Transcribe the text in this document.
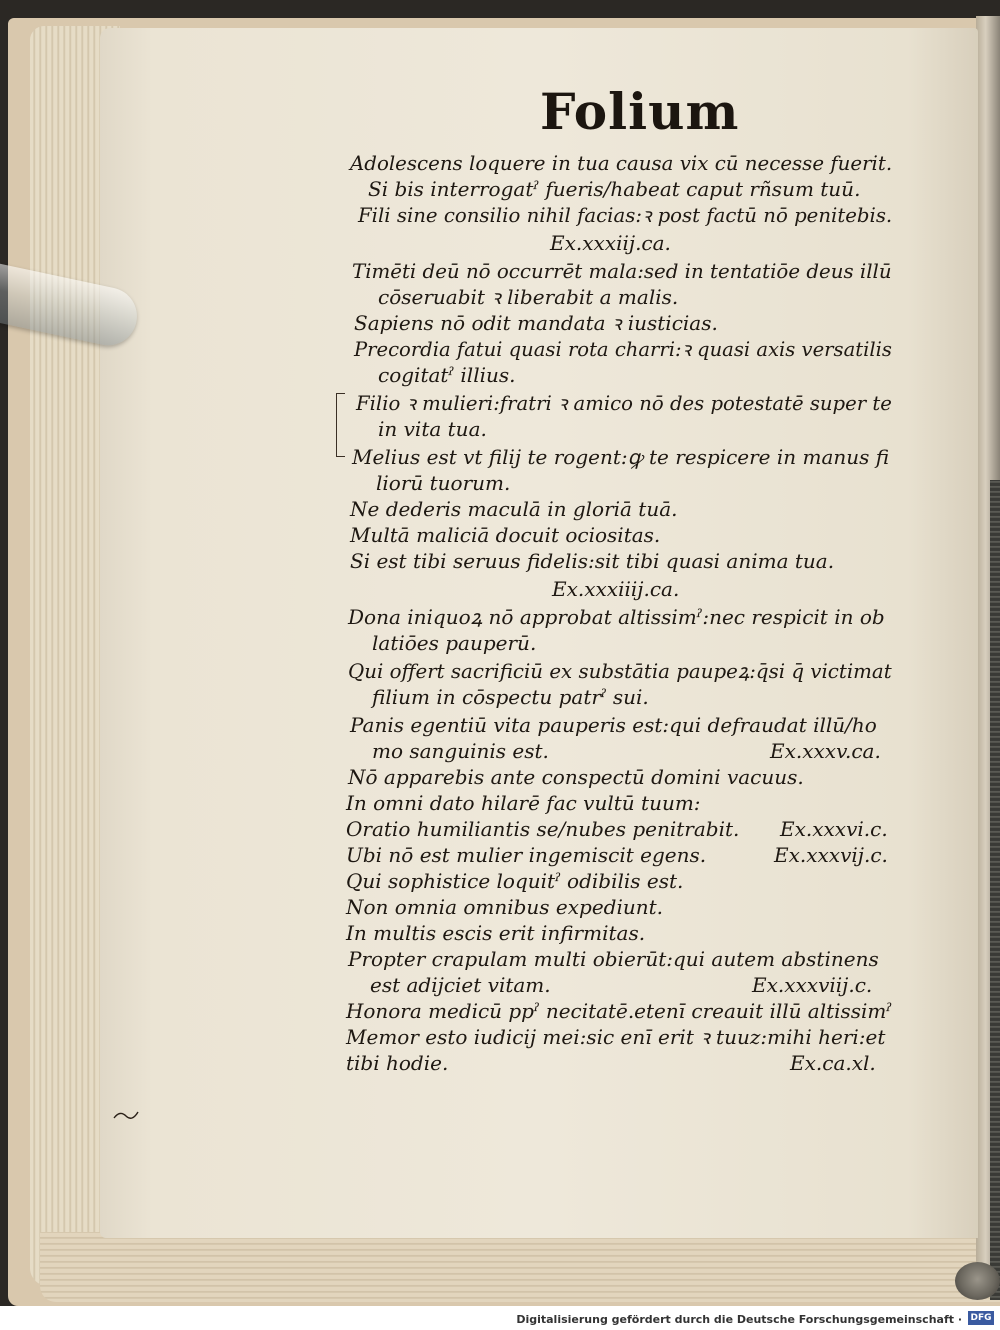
Folium
Adolescens loquere in tua causa vix cū necesse fuerit.
Si bis interrogatˀ fueris/habeat caput rñsum tuū.
Fili sine consilio nihil facias:ꝛ post factū nō penitebis.
Ex.xxxiij.ca.
Timēti deū nō occurrēt mala:sed in tentatiōe deus illū
cōseruabit ꝛ liberabit a malis.
Sapiens nō odit mandata ꝛ iusticias.
Precordia fatui quasi rota charri:ꝛ quasi axis versatilis
cogitatˀ illius.
Filio ꝛ mulieri:fratri ꝛ amico nō des potestatē super te
in vita tua.
Melius est vt filij te rogent:ꝙ te respicere in manus fi
liorū tuorum.
Ne dederis maculā in gloriā tuā.
Multā maliciā docuit ociositas.
Si est tibi seruus fidelis:sit tibi quasi anima tua.
Ex.xxxiiij.ca.
Dona iniquoꝝ nō approbat altissimˀ:nec respicit in ob
latiōes pauperū.
Qui offert sacrificiū ex substātia paupeꝝ:q̄si q̄ victimat
filium in cōspectu patrˀ sui.
Panis egentiū vita pauperis est:qui defraudat illū/ho
mo sanguinis est.	Ex.xxxv.ca.
Nō apparebis ante conspectū domini vacuus.
In omni dato hilarē fac vultū tuum:
Oratio humiliantis se/nubes penitrabit. Ex.xxxvi.c.
Ubi nō est mulier ingemiscit egens.	Ex.xxxvij.c.
Qui sophistice loquitˀ odibilis est.
Non omnia omnibus expediunt.
In multis escis erit infirmitas.
Propter crapulam multi obierūt:qui autem abstinens
est adijciet vitam.	Ex.xxxviij.c.
Honora medicū ppˀ necitatē.etenī creauit illū altissimˀ
Memor esto iudicij mei:sic enī erit ꝛ tuuz:mihi heri:et
tibi hodie.	Ex.ca.xl.
Digitalisierung gefördert durch die Deutsche Forschungsgemeinschaft · DFG
